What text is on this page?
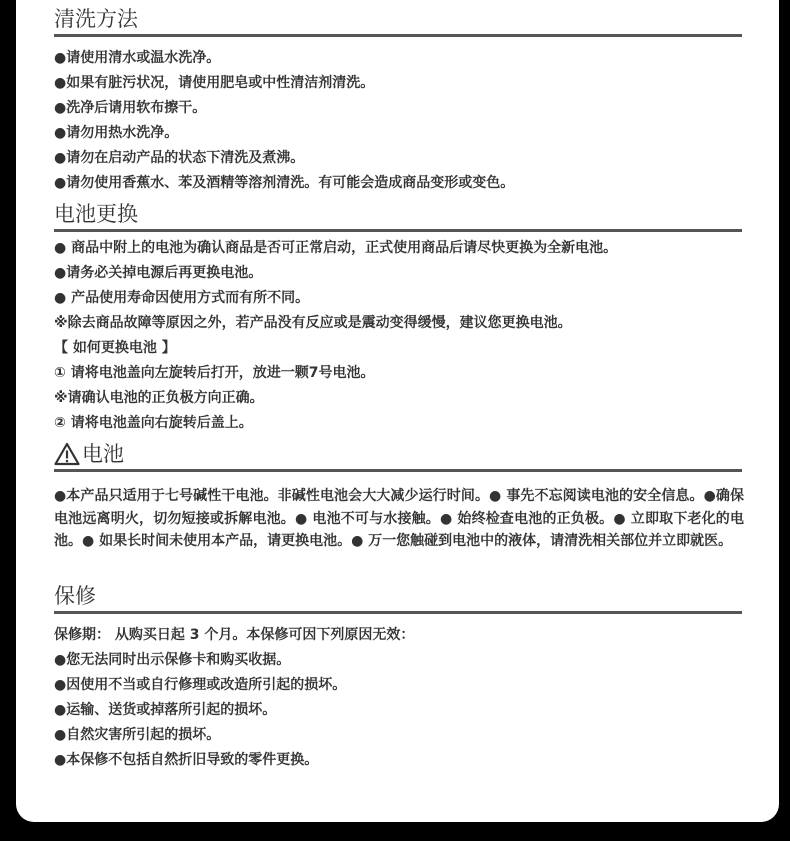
清洗方法
●请使用清水或温水洗净。
●如果有脏污状况，请使用肥皂或中性清洁剂清洗。
●洗净后请用软布擦干。
●请勿用热水洗净。
●请勿在启动产品的状态下清洗及煮沸。
●请勿使用香蕉水、苯及酒精等溶剂清洗。有可能会造成商品变形或变色。
电池更换
● 商品中附上的电池为确认商品是否可正常启动，正式使用商品后请尽快更换为全新电池。
●请务必关掉电源后再更换电池。
● 产品使用寿命因使用方式而有所不同。
※除去商品故障等原因之外，若产品没有反应或是震动变得缓慢，建议您更换电池。
【 如何更换电池 】
① 请将电池盖向左旋转后打开，放进一颗7号电池。
※请确认电池的正负极方向正确。
② 请将电池盖向右旋转后盖上。
电池

●本产品只适用于七号碱性干电池。非碱性电池会大大减少运行时间。● 事先不忘阅读电池的安全信息。●确保电池远离明火，切勿短接或拆解电池。● 电池不可与水接触。● 始终检查电池的正负极。● 立即取下老化的电池。● 如果长时间未使用本产品，请更换电池。● 万一您触碰到电池中的液体，请清洗相关部位并立即就医。

保修
保修期： 从购买日起 3 个月。本保修可因下列原因无效：
●您无法同时出示保修卡和购买收据。
●因使用不当或自行修理或改造所引起的损坏。
●运输、送货或掉落所引起的损坏。
●自然灾害所引起的损坏。
●本保修不包括自然折旧导致的零件更换。
